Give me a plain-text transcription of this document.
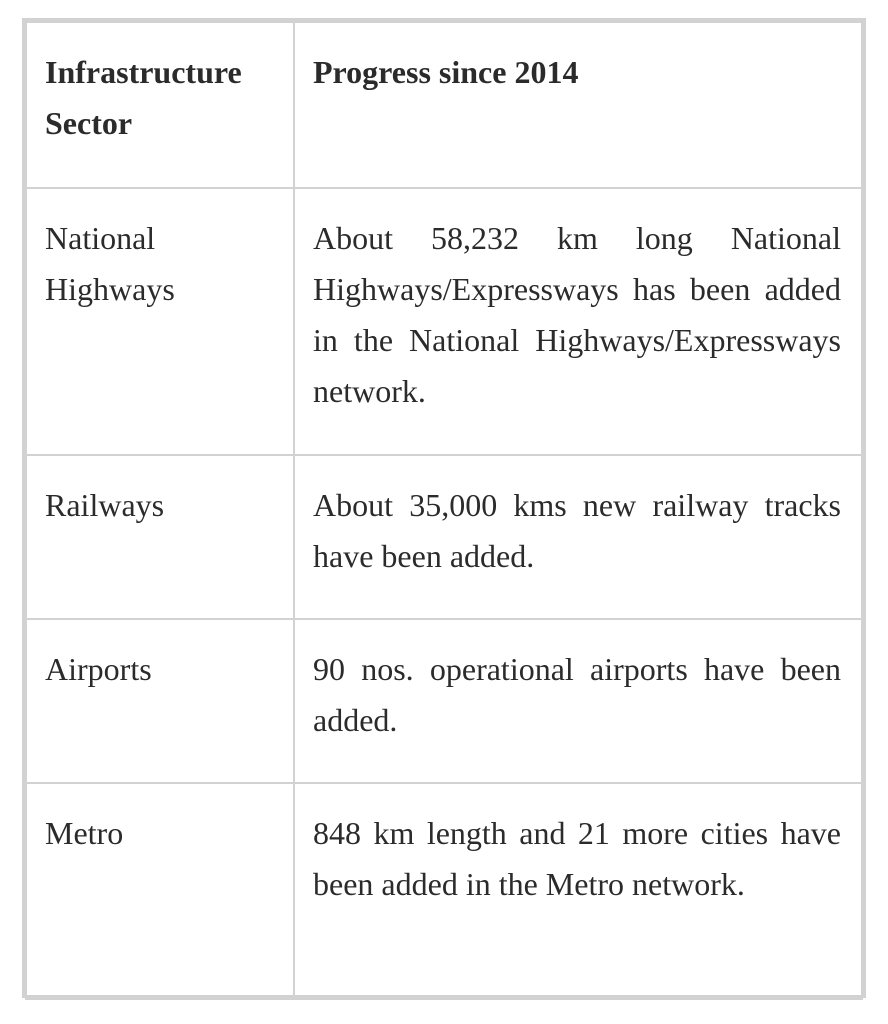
Infrastructure Sector	Progress since 2014
National Highways	About 58,232 km long National Highways/Expressways has been added in the National Highways/Expressways network.
Railways	About 35,000 kms new railway tracks have been added.
Airports	90 nos. operational airports have been added.
Metro	848 km length and 21 more cities have been added in the Metro network.
